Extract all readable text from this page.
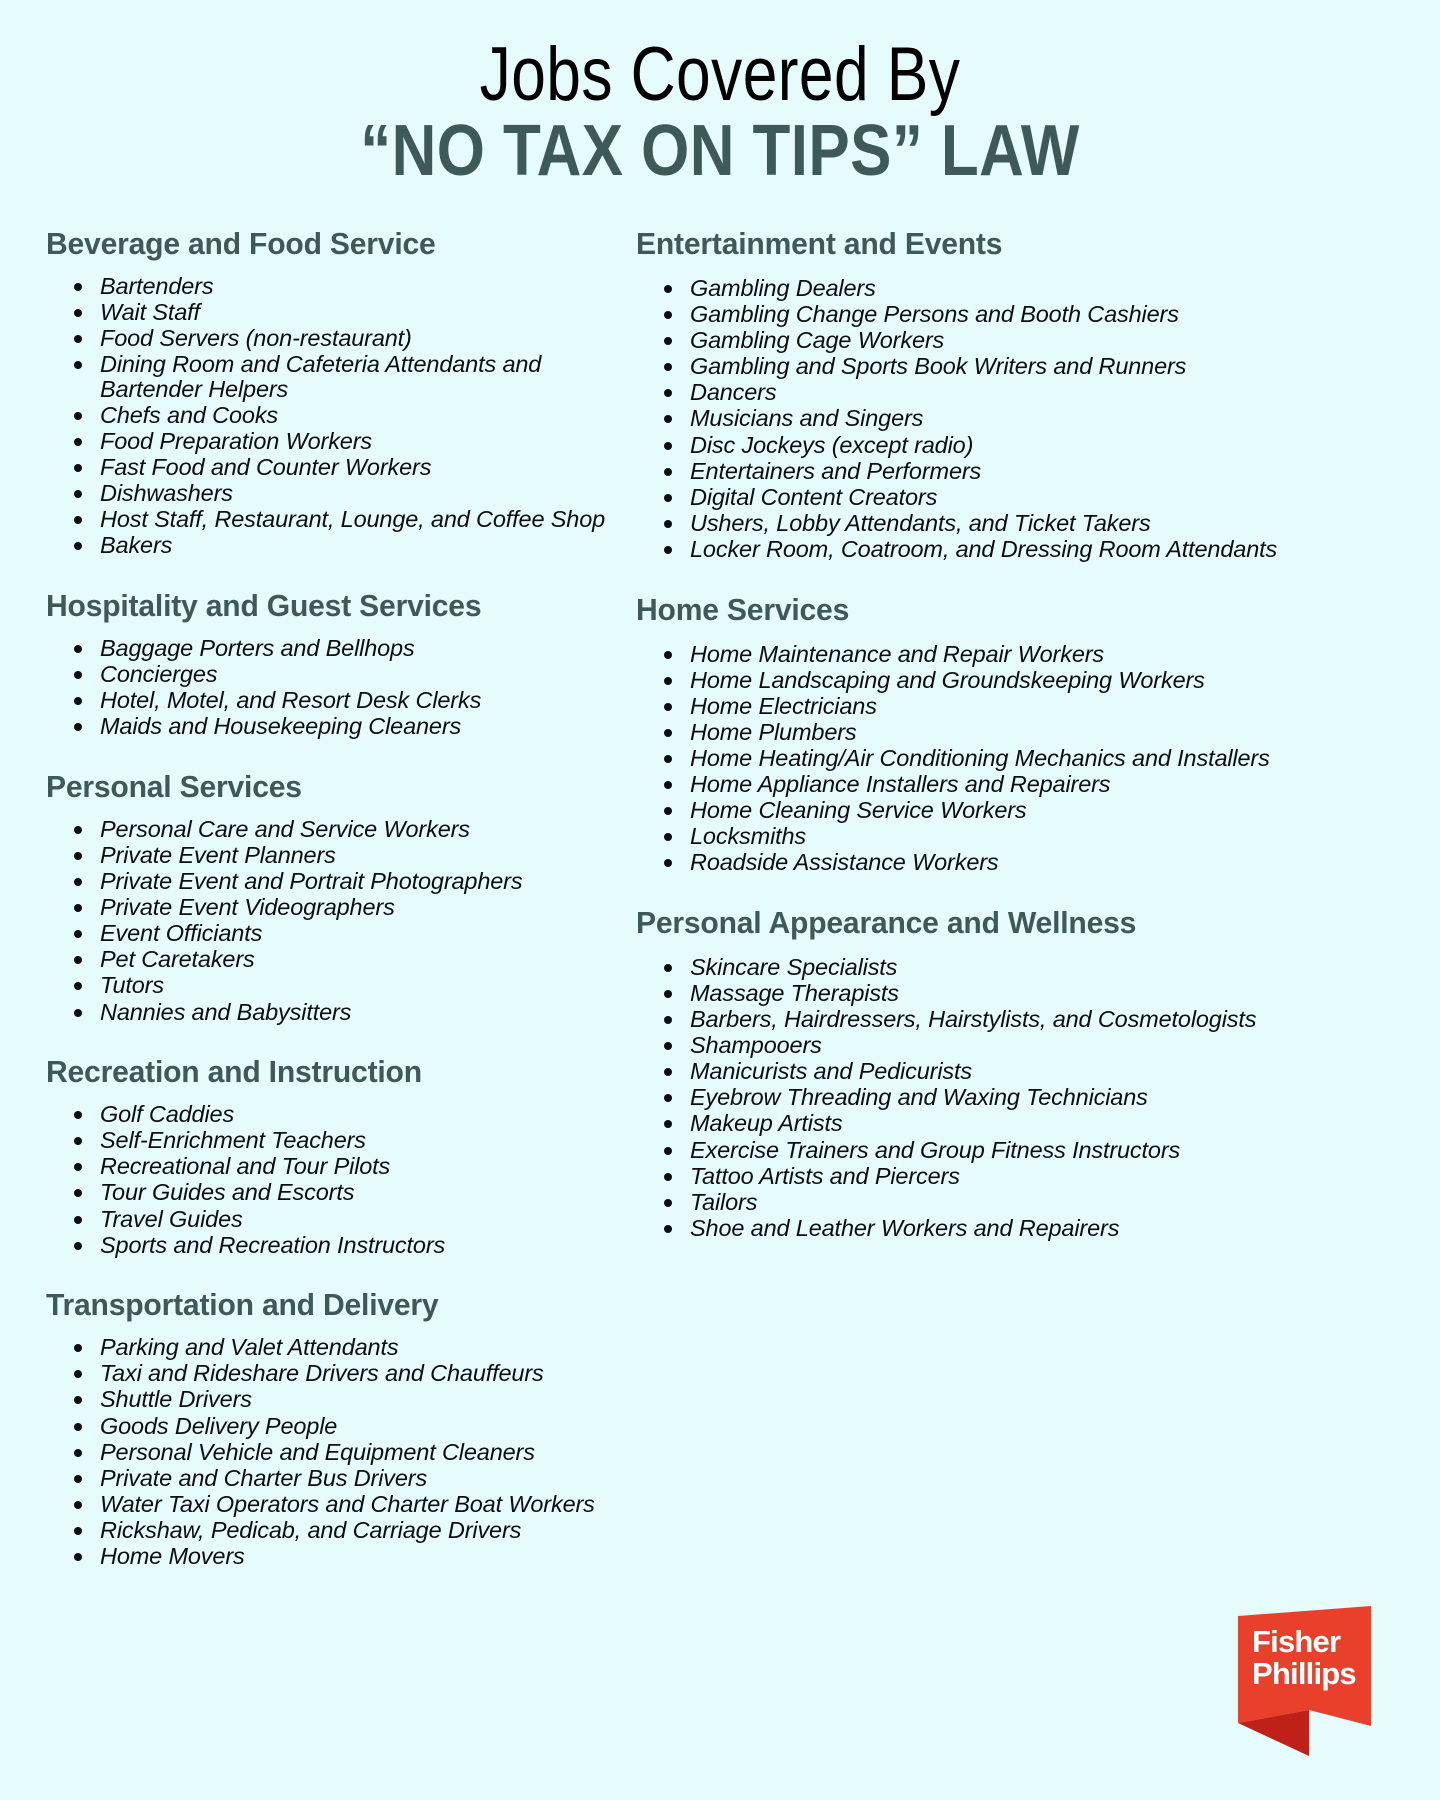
Jobs Covered By
“NO TAX ON TIPS” LAW
Beverage and Food Service
Bartenders
Wait Staff
Food Servers (non-restaurant)
Dining Room and Cafeteria Attendants and Bartender Helpers
Chefs and Cooks
Food Preparation Workers
Fast Food and Counter Workers
Dishwashers
Host Staff, Restaurant, Lounge, and Coffee Shop
Bakers
Hospitality and Guest Services
Baggage Porters and Bellhops
Concierges
Hotel, Motel, and Resort Desk Clerks
Maids and Housekeeping Cleaners
Personal Services
Personal Care and Service Workers
Private Event Planners
Private Event and Portrait Photographers
Private Event Videographers
Event Officiants
Pet Caretakers
Tutors
Nannies and Babysitters
Recreation and Instruction
Golf Caddies
Self-Enrichment Teachers
Recreational and Tour Pilots
Tour Guides and Escorts
Travel Guides
Sports and Recreation Instructors
Transportation and Delivery
Parking and Valet Attendants
Taxi and Rideshare Drivers and Chauffeurs
Shuttle Drivers
Goods Delivery People
Personal Vehicle and Equipment Cleaners
Private and Charter Bus Drivers
Water Taxi Operators and Charter Boat Workers
Rickshaw, Pedicab, and Carriage Drivers
Home Movers
Entertainment and Events
Gambling Dealers
Gambling Change Persons and Booth Cashiers
Gambling Cage Workers
Gambling and Sports Book Writers and Runners
Dancers
Musicians and Singers
Disc Jockeys (except radio)
Entertainers and Performers
Digital Content Creators
Ushers, Lobby Attendants, and Ticket Takers
Locker Room, Coatroom, and Dressing Room Attendants
Home Services
Home Maintenance and Repair Workers
Home Landscaping and Groundskeeping Workers
Home Electricians
Home Plumbers
Home Heating/Air Conditioning Mechanics and Installers
Home Appliance Installers and Repairers
Home Cleaning Service Workers
Locksmiths
Roadside Assistance Workers
Personal Appearance and Wellness
Skincare Specialists
Massage Therapists
Barbers, Hairdressers, Hairstylists, and Cosmetologists
Shampooers
Manicurists and Pedicurists
Eyebrow Threading and Waxing Technicians
Makeup Artists
Exercise Trainers and Group Fitness Instructors
Tattoo Artists and Piercers
Tailors
Shoe and Leather Workers and Repairers
Fisher
Phillips
